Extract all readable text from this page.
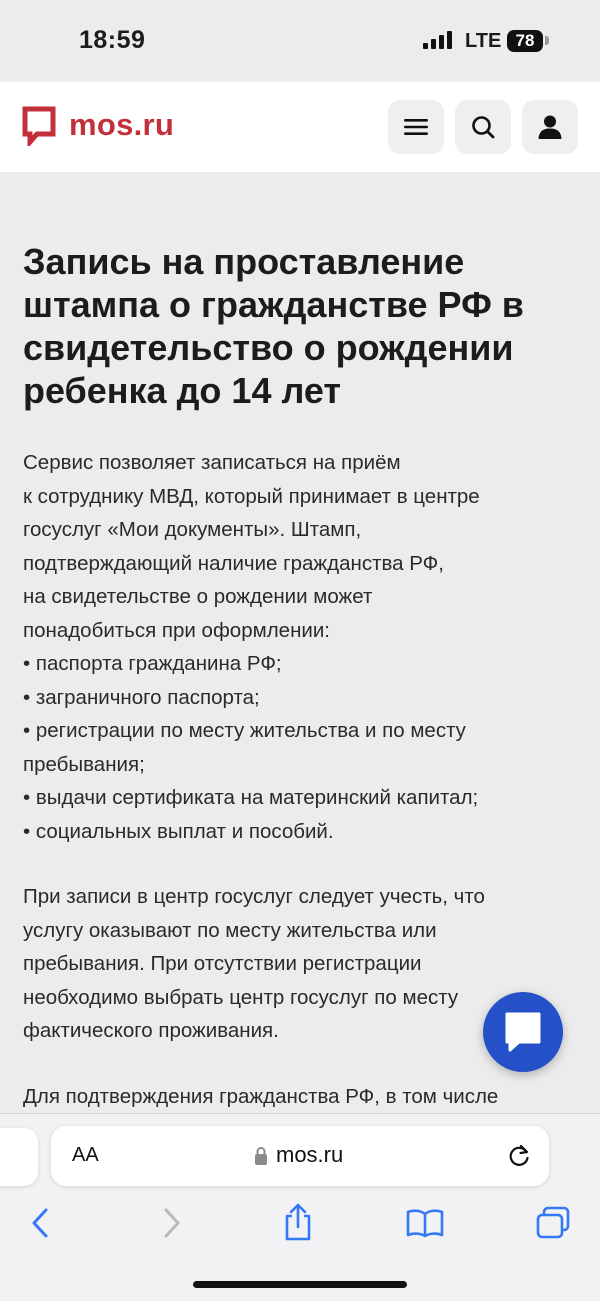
18:59	LTE 78
mos.ru
Запись на проставление
штампа о гражданстве РФ в
свидетельство о рождении
ребенка до 14 лет

Сервис позволяет записаться на приём
к сотруднику МВД, который принимает в центре
госуслуг «Мои документы». Штамп,
подтверждающий наличие гражданства РФ,
на свидетельстве о рождении может
понадобиться при оформлении:
• паспорта гражданина РФ;
• заграничного паспорта;
• регистрации по месту жительства и по месту
пребывания;
• выдачи сертификата на материнский капитал;
• социальных выплат и пособий.

При записи в центр госуслуг следует учесть, что
услугу оказывают по месту жительства или
пребывания. При отсутствии регистрации
необходимо выбрать центр госуслуг по месту
фактического проживания.

Для подтверждения гражданства РФ, в том числе

AA	mos.ru
